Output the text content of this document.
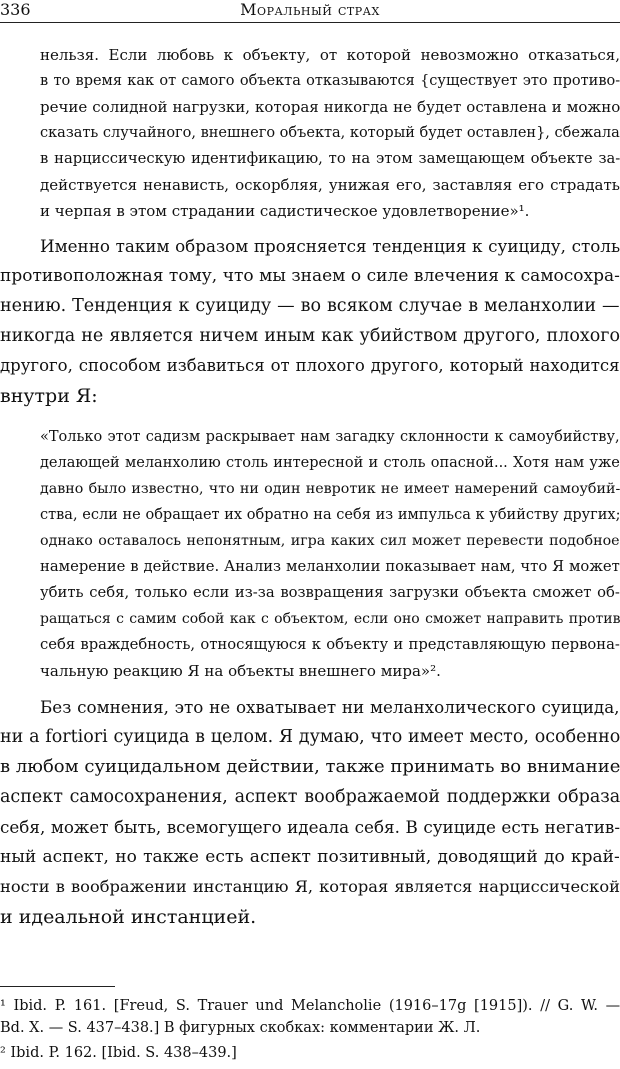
336	Моральный страх
нельзя. Если любовь к объекту, от которой невозможно отказаться,
в то время как от самого объекта отказываются {существует это противо-
речие солидной нагрузки, которая никогда не будет оставлена и можно
сказать случайного, внешнего объекта, который будет оставлен}, сбежала
в нарциссическую идентификацию, то на этом замещающем объекте за-
действуется ненависть, оскорбляя, унижая его, заставляя его страдать
и черпая в этом страдании садистическое удовлетворение»¹.
Именно таким образом проясняется тенденция к суициду, столь
противоположная тому, что мы знаем о силе влечения к самосохра-
нению. Тенденция к суициду — во всяком случае в меланхолии —
никогда не является ничем иным как убийством другого, плохого
другого, способом избавиться от плохого другого, который находится
внутри Я:
«Только этот садизм раскрывает нам загадку склонности к самоубийству,
делающей меланхолию столь интересной и столь опасной... Хотя нам уже
давно было известно, что ни один невротик не имеет намерений самоубий-
ства, если не обращает их обратно на себя из импульса к убийству других;
однако оставалось непонятным, игра каких сил может перевести подобное
намерение в действие. Анализ меланхолии показывает нам, что Я может
убить себя, только если из-за возвращения загрузки объекта сможет об-
ращаться с самим собой как с объектом, если оно сможет направить против
себя враждебность, относящуюся к объекту и представляющую первона-
чальную реакцию Я на объекты внешнего мира»².
Без сомнения, это не охватывает ни меланхолического суицида,
ни a fortiori суицида в целом. Я думаю, что имеет место, особенно
в любом суицидальном действии, также принимать во внимание
аспект самосохранения, аспект воображаемой поддержки образа
себя, может быть, всемогущего идеала себя. В суициде есть негатив-
ный аспект, но также есть аспект позитивный, доводящий до край-
ности в воображении инстанцию Я, которая является нарциссической
и идеальной инстанцией.
¹ Ibid. P. 161. [Freud, S. Trauer und Melancholie (1916–17g [1915]). // G. W. —
Bd. X. — S. 437–438.] В фигурных скобках: комментарии Ж. Л.
² Ibid. P. 162. [Ibid. S. 438–439.]
